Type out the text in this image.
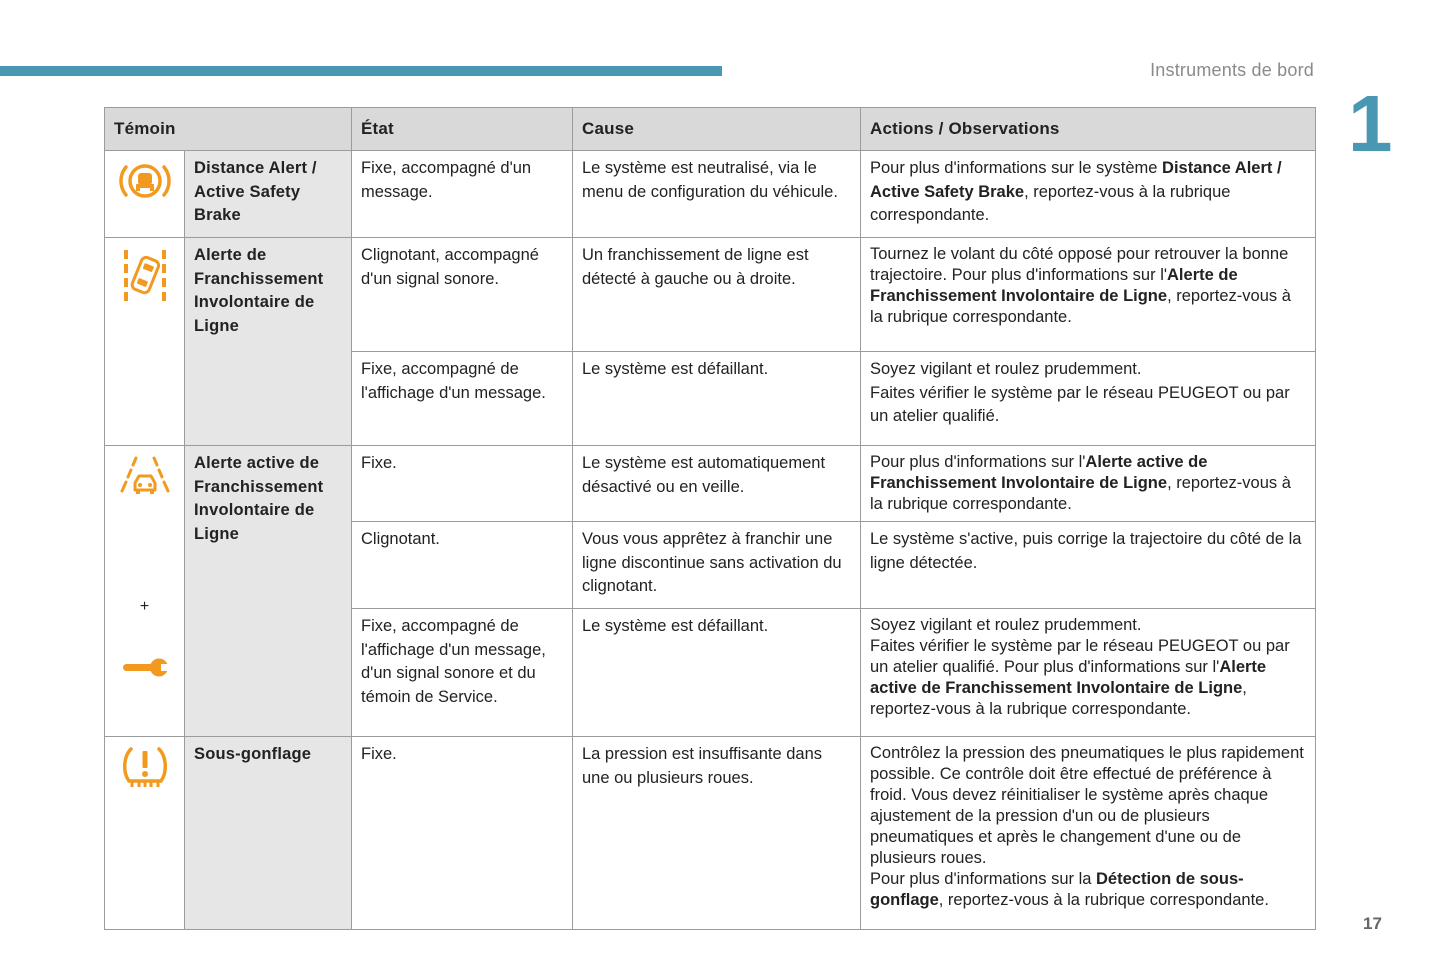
Instruments de bord
1
Témoin		État	Cause	Actions / Observations

	Distance Alert / Active Safety Brake	Fixe, accompagné d'un message.	Le système est neutralisé, via le menu de configuration du véhicule.	Pour plus d'informations sur le système Distance Alert / Active Safety Brake, reportez-vous à la rubrique correspondante.

	Alerte de Franchissement Involontaire de Ligne	Clignotant, accompagné d'un signal sonore.	Un franchissement de ligne est détecté à gauche ou à droite.	Tournez le volant du côté opposé pour retrouver la bonne trajectoire. Pour plus d'informations sur l'Alerte de Franchissement Involontaire de Ligne, reportez-vous à la rubrique correspondante.
		Fixe, accompagné de l'affichage d'un message.	Le système est défaillant.	Soyez vigilant et roulez prudemment.
Faites vérifier le système par le réseau PEUGEOT ou par un atelier qualifié.

+	Alerte active de Franchissement Involontaire de Ligne	Fixe.	Le système est automatiquement désactivé ou en veille.	Pour plus d'informations sur l'Alerte active de Franchissement Involontaire de Ligne, reportez-vous à la rubrique correspondante.
		Clignotant.	Vous vous apprêtez à franchir une ligne discontinue sans activation du clignotant.	Le système s'active, puis corrige la trajectoire du côté de la ligne détectée.
		Fixe, accompagné de l'affichage d'un message, d'un signal sonore et du témoin de Service.	Le système est défaillant.	Soyez vigilant et roulez prudemment.
Faites vérifier le système par le réseau PEUGEOT ou par un atelier qualifié. Pour plus d'informations sur l'Alerte active de Franchissement Involontaire de Ligne, reportez-vous à la rubrique correspondante.

	Sous-gonflage	Fixe.	La pression est insuffisante dans une ou plusieurs roues.	Contrôlez la pression des pneumatiques le plus rapidement possible. Ce contrôle doit être effectué de préférence à froid. Vous devez réinitialiser le système après chaque ajustement de la pression d'un ou de plusieurs pneumatiques et après le changement d'une ou de plusieurs roues.
Pour plus d'informations sur la Détection de sous-gonflage, reportez-vous à la rubrique correspondante.
17
